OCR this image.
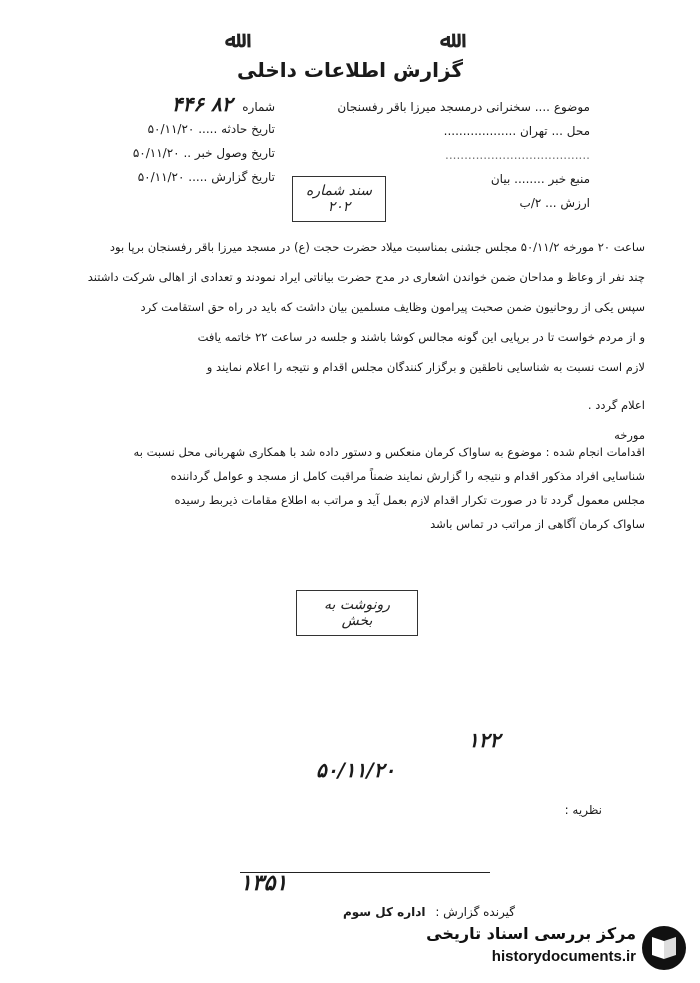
ﷲ
ﷲ
گزارش اطلاعات داخلی
شماره ۸۲ ۴۴۶
تاریخ حادثه ..... ۵۰/۱۱/۲۰
تاریخ وصول خبر .. ۵۰/۱۱/۲۰
تاریخ گزارش ..... ۵۰/۱۱/۲۰
موضوع .... سخنرانی درمسجد میرزا باقر رفسنجان
محل ... تهران ...................
......................................
منبع خبر ........ بیان
ارزش ... ۲/ب
سند شماره ۲۰۲
ساعت ۲۰ مورخه ۵۰/۱۱/۲ مجلس جشنی بمناسبت میلاد حضرت حجت (ع) در مسجد میرزا باقر رفسنجان برپا بود
چند نفر از وعاظ و مداحان ضمن خواندن اشعاری در مدح حضرت بیاناتی ایراد نمودند و تعدادی از اهالی شرکت داشتند
سپس یکی از روحانیون ضمن صحبت پیرامون وظایف مسلمین بیان داشت که باید در راه حق استقامت کرد
و از مردم خواست تا در برپایی این گونه مجالس کوشا باشند و جلسه در ساعت ۲۲ خاتمه یافت
لازم است نسبت به شناسایی ناطقین و برگزار کنندگان مجلس اقدام و نتیجه را اعلام نمایند و
اعلام گردد .
مورخه
اقدامات انجام شده : موضوع به ساواک کرمان منعکس و دستور داده شد با همکاری شهربانی محل نسبت به
شناسایی افراد مذکور اقدام و نتیجه را گزارش نمایند ضمناً مراقبت کامل از مسجد و عوامل گرداننده
مجلس معمول گردد تا در صورت تکرار اقدام لازم بعمل آید و مراتب به اطلاع مقامات ذیربط رسیده
ساواک کرمان آگاهی از مراتب در تماس باشد
رونوشت به بخش
۱۲۲
۵۰/۱۱/۲۰
نظریه :
۱۳۵۱
گیرنده گزارش : اداره کل سوم
مرکز بررسی اسناد تاریخی
historydocuments.ir
